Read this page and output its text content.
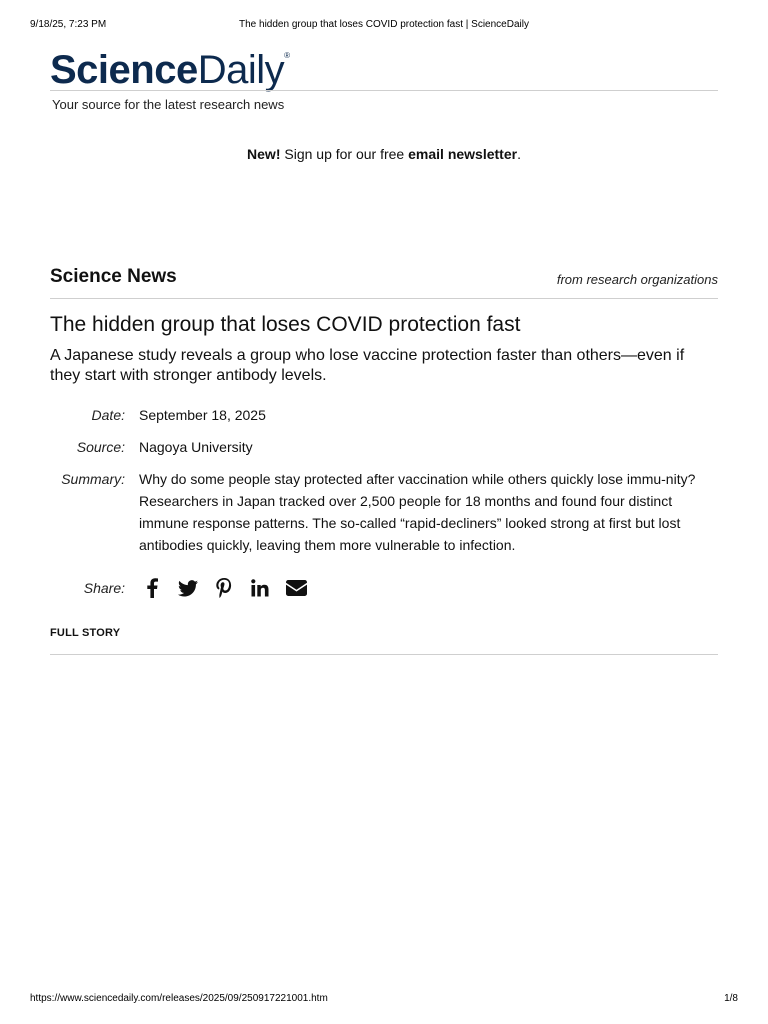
9/18/25, 7:23 PM	The hidden group that loses COVID protection fast | ScienceDaily
ScienceDaily®
Your source for the latest research news
New! Sign up for our free email newsletter.
Science News	from research organizations
The hidden group that loses COVID protection fast

A Japanese study reveals a group who lose vaccine protection faster than others—even if they start with stronger antibody levels.

Date: September 18, 2025
Source: Nagoya University
Summary: Why do some people stay protected after vaccination while others quickly lose immu-nity? Researchers in Japan tracked over 2,500 people for 18 months and found four distinct immune response patterns. The so-called “rapid-decliners” looked strong at first but lost antibodies quickly, leaving them more vulnerable to infection.
Share:
FULL STORY
https://www.sciencedaily.com/releases/2025/09/250917221001.htm	1/8
